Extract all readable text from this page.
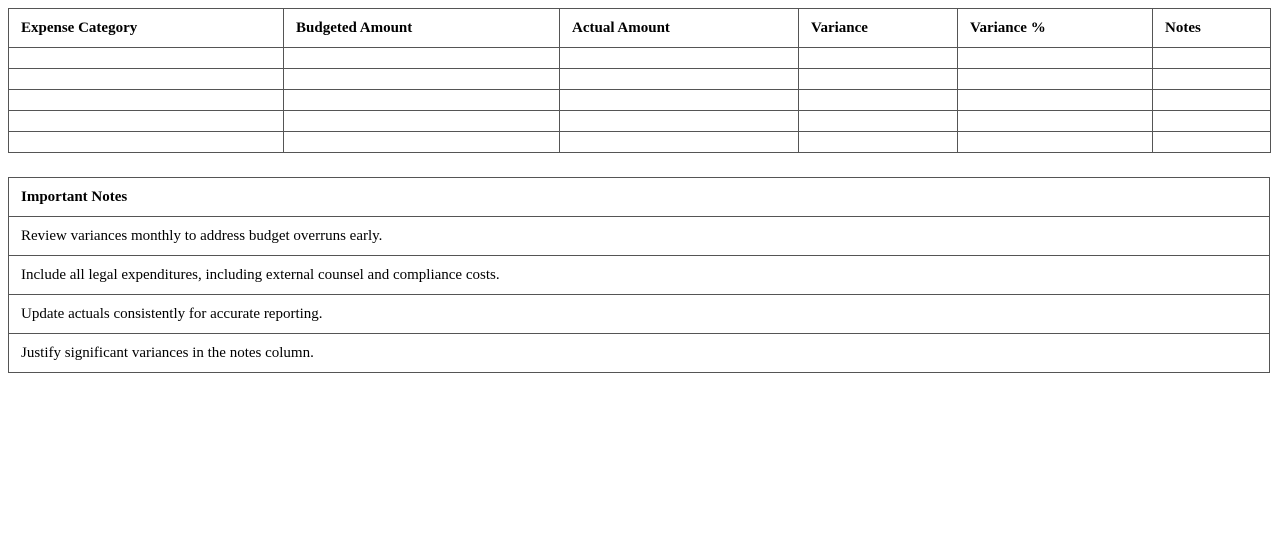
Expense Category	Budgeted Amount	Actual Amount	Variance	Variance %	Notes

Important Notes
Review variances monthly to address budget overruns early.
Include all legal expenditures, including external counsel and compliance costs.
Update actuals consistently for accurate reporting.
Justify significant variances in the notes column.
